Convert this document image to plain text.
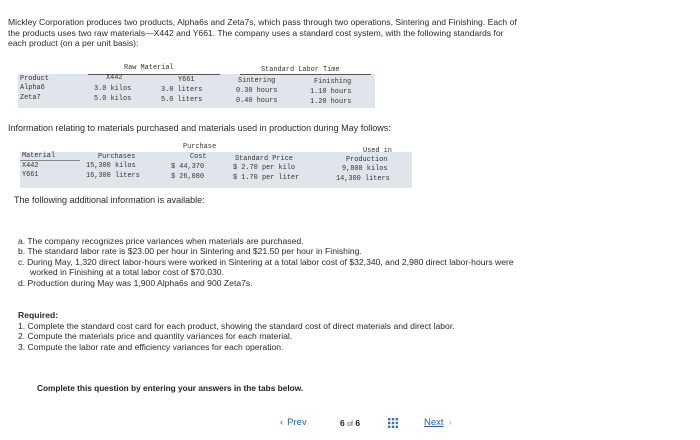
Mickley Corporation produces two products, Alpha6s and Zeta7s, which pass through two operations, Sintering and Finishing. Each of
the products uses two raw materials—X442 and Y661. The company uses a standard cost system, with the following standards for
each product (on a per unit basis):
Raw Material	Standard Labor Time
Product	X442	Y661	Sintering	Finishing
Alpha6	3.0 kilos	3.0 liters	0.30 hours	1.10 hours
Zeta7	5.0 kilos	5.0 liters	0.40 hours	1.20 hours
Information relating to materials purchased and materials used in production during May follows:
Purchase	Used in
Material	Purchases	Cost	Standard Price	Production
X442	15,300 kilos	$ 44,370	$ 2.70 per kilo	9,800 kilos
Y661	16,300 liters	$ 26,080	$ 1.70 per liter	14,300 liters
The following additional information is available:
a. The company recognizes price variances when materials are purchased.
b. The standard labor rate is $23.00 per hour in Sintering and $21.50 per hour in Finishing.
c. During May, 1,320 direct labor-hours were worked in Sintering at a total labor cost of $32,340, and 2,980 direct labor-hours were
worked in Finishing at a total labor cost of $70,030.
d. Production during May was 1,900 Alpha6s and 900 Zeta7s.
Required:
1. Complete the standard cost card for each product, showing the standard cost of direct materials and direct labor.
2. Compute the materials price and quantity variances for each material.
3. Compute the labor rate and efficiency variances for each operation.
Complete this question by entering your answers in the tabs below.
‹ Prev	6 of 6	Next ›
